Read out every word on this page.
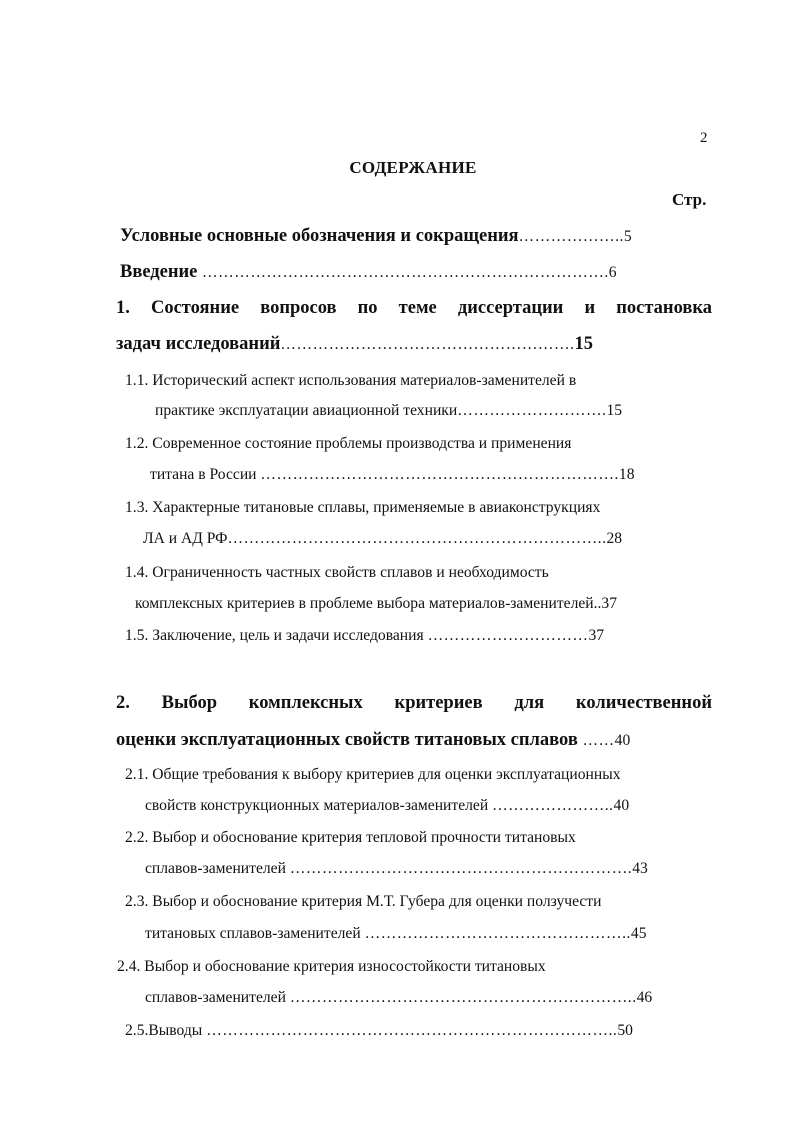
2
СОДЕРЖАНИЕ
Стр.
Условные основные обозначения и сокращения………………..5
Введение ………………………………………………………………….6
1. Состояние вопросов по теме диссертации и постановка
задач исследований……………………………………………….15
1.1. Исторический аспект использования материалов-заменителей в
практике эксплуатации авиационной техники……………………….15
1.2. Современное состояние проблемы производства и применения
титана в России ………………………………………………………….18
1.3. Характерные титановые сплавы, применяемые в авиаконструкциях
ЛА и АД РФ……………………………………………………………..28
1.4. Ограниченность частных свойств сплавов и необходимость
комплексных критериев в проблеме выбора материалов-заменителей..37
1.5. Заключение, цель и задачи исследования …………………………37
2. Выбор комплексных критериев для количественной
оценки эксплуатационных свойств титановых сплавов ……40
2.1. Общие требования к выбору критериев для оценки эксплуатационных
свойств конструкционных материалов-заменителей …………………..40
2.2. Выбор и обоснование критерия тепловой прочности титановых
сплавов-заменителей ……………………………………………………….43
2.3. Выбор и обоснование критерия М.Т. Губера для оценки ползучести
титановых сплавов-заменителей …………………………………………..45
2.4. Выбор и обоснование критерия износостойкости титановых
сплавов-заменителей ………………………………………………………..46
2.5.Выводы …………………………………………………………………..50
